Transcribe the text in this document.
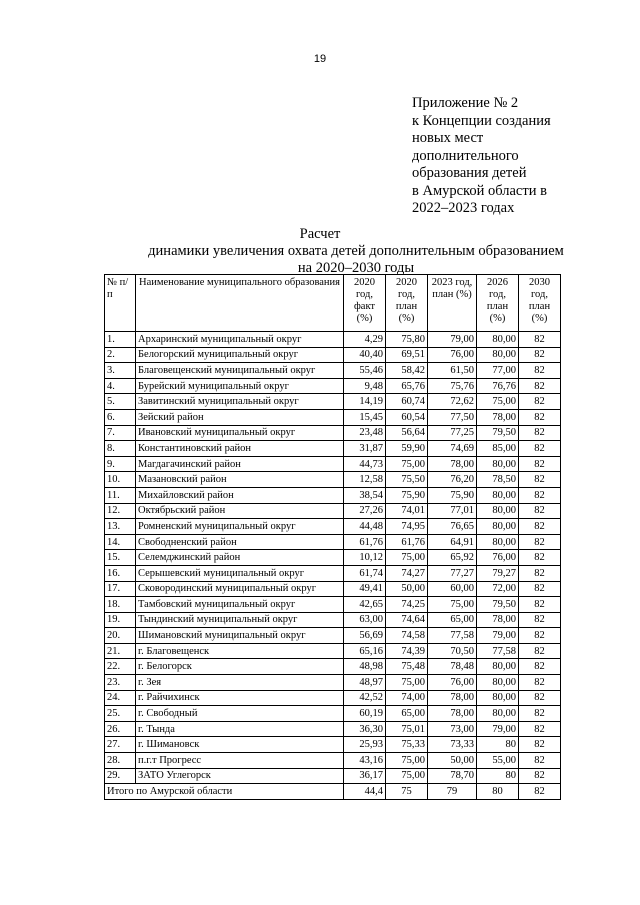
19
Приложение № 2
к Концепции создания
новых мест
дополнительного
образования детей
в Амурской области в
2022–2023 годах
Расчет
динамики увеличения охвата детей дополнительным образованием на 2020–2030 годы
№ п/п	Наименование муниципального образования	2020 год, факт (%)	2020 год, план (%)	2023 год, план (%)	2026 год, план (%)	2030 год, план (%)
1.	Архаринский муниципальный округ	4,29	75,80	79,00	80,00	82
2.	Белогорский муниципальный округ	40,40	69,51	76,00	80,00	82
3.	Благовещенский муниципальный округ	55,46	58,42	61,50	77,00	82
4.	Бурейский муниципальный округ	9,48	65,76	75,76	76,76	82
5.	Завитинский муниципальный округ	14,19	60,74	72,62	75,00	82
6.	Зейский район	15,45	60,54	77,50	78,00	82
7.	Ивановский муниципальный округ	23,48	56,64	77,25	79,50	82
8.	Константиновский район	31,87	59,90	74,69	85,00	82
9.	Магдагачинский район	44,73	75,00	78,00	80,00	82
10.	Мазановский район	12,58	75,50	76,20	78,50	82
11.	Михайловский район	38,54	75,90	75,90	80,00	82
12.	Октябрьский район	27,26	74,01	77,01	80,00	82
13.	Ромненский муниципальный округ	44,48	74,95	76,65	80,00	82
14.	Свободненский район	61,76	61,76	64,91	80,00	82
15.	Селемджинский район	10,12	75,00	65,92	76,00	82
16.	Серышевский муниципальный округ	61,74	74,27	77,27	79,27	82
17.	Сковородинский муниципальный округ	49,41	50,00	60,00	72,00	82
18.	Тамбовский муниципальный округ	42,65	74,25	75,00	79,50	82
19.	Тындинский муниципальный округ	63,00	74,64	65,00	78,00	82
20.	Шимановский муниципальный округ	56,69	74,58	77,58	79,00	82
21.	г. Благовещенск	65,16	74,39	70,50	77,58	82
22.	г. Белогорск	48,98	75,48	78,48	80,00	82
23.	г. Зея	48,97	75,00	76,00	80,00	82
24.	г. Райчихинск	42,52	74,00	78,00	80,00	82
25.	г. Свободный	60,19	65,00	78,00	80,00	82
26.	г. Тында	36,30	75,01	73,00	79,00	82
27.	г. Шимановск	25,93	75,33	73,33	80	82
28.	п.г.т Прогресс	43,16	75,00	50,00	55,00	82
29.	ЗАТО Углегорск	36,17	75,00	78,70	80	82
Итого по Амурской области		44,4	75	79	80	82
